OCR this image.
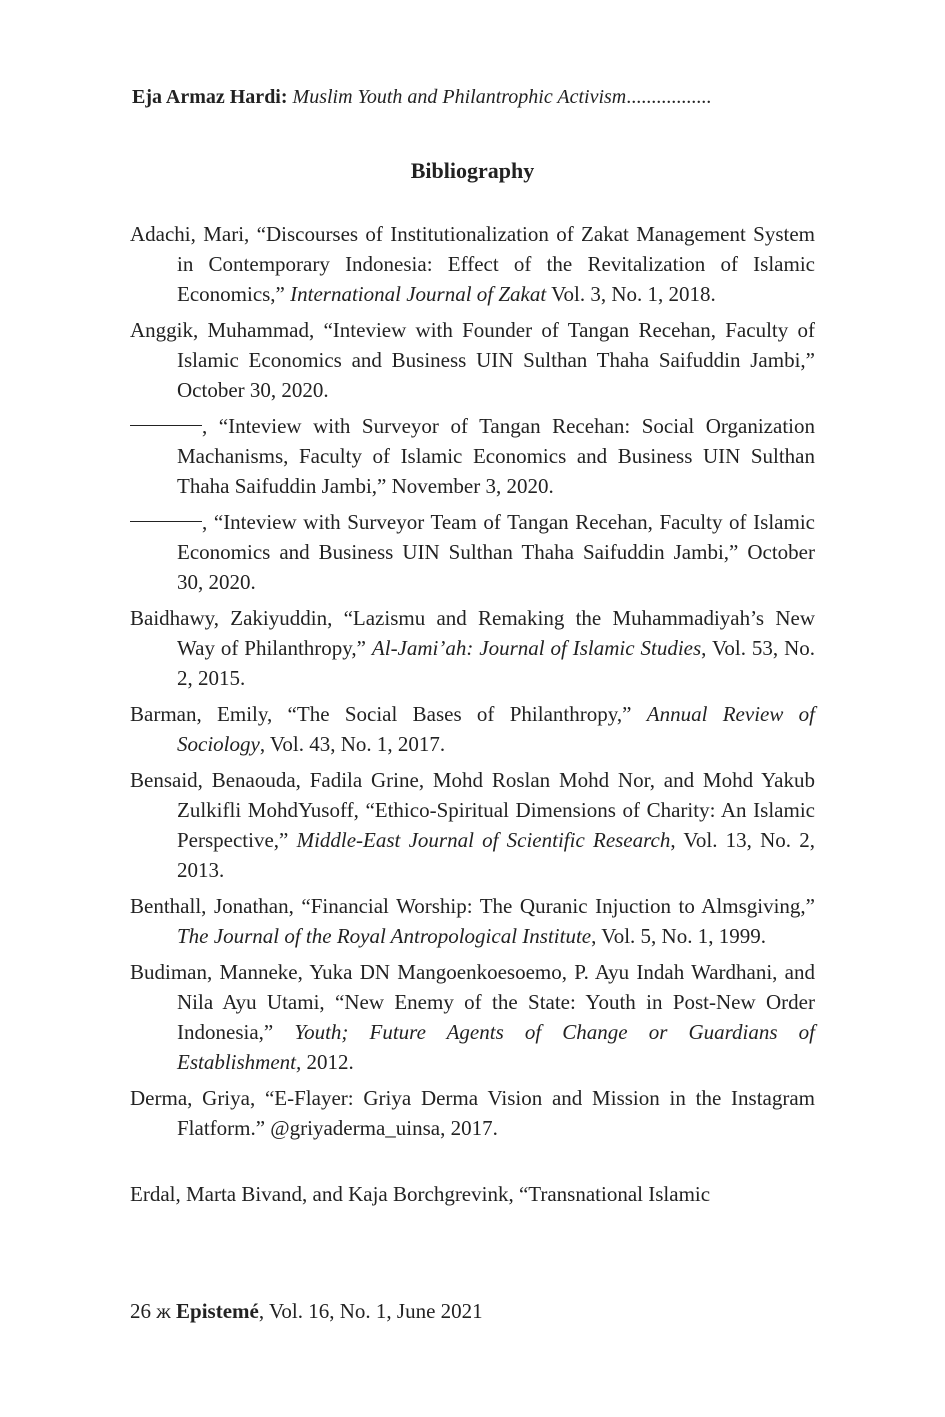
Eja Armaz Hardi: Muslim Youth and Philantrophic Activism.................
Bibliography

Adachi, Mari, “Discourses of Institutionalization of Zakat Management System in Contemporary Indonesia: Effect of the Revitalization of Islamic Economics,” International Journal of Zakat Vol. 3, No. 1, 2018.

Anggik, Muhammad, “Inteview with Founder of Tangan Recehan, Faculty of Islamic Economics and Business UIN Sulthan Thaha Saifuddin Jambi,” October 30, 2020.

, “Inteview with Surveyor of Tangan Recehan: Social Organization Machanisms, Faculty of Islamic Economics and Business UIN Sulthan Thaha Saifuddin Jambi,” November 3, 2020.

, “Inteview with Surveyor Team of Tangan Recehan, Faculty of Islamic Economics and Business UIN Sulthan Thaha Saifuddin Jambi,” October 30, 2020.

Baidhawy, Zakiyuddin, “Lazismu and Remaking the Muhammadiyah’s New Way of Philanthropy,” Al-Jami’ah: Journal of Islamic Studies, Vol. 53, No. 2, 2015.

Barman, Emily, “The Social Bases of Philanthropy,” Annual Review of Sociology, Vol. 43, No. 1, 2017.

Bensaid, Benaouda, Fadila Grine, Mohd Roslan Mohd Nor, and Mohd Yakub Zulkifli MohdYusoff, “Ethico-Spiritual Dimensions of Charity: An Islamic Perspective,” Middle-East Journal of Scientific Research, Vol. 13, No. 2, 2013.

Benthall, Jonathan, “Financial Worship: The Quranic Injuction to Almsgiving,” The Journal of the Royal Antropological Institute, Vol. 5, No. 1, 1999.

Budiman, Manneke, Yuka DN Mangoenkoesoemo, P. Ayu Indah Wardhani, and Nila Ayu Utami, “New Enemy of the State: Youth in Post-New Order Indonesia,” Youth; Future Agents of Change or Guardians of Establishment, 2012.

Derma, Griya, “E-Flayer: Griya Derma Vision and Mission in the Instagram Flatform.” @griyaderma_uinsa, 2017.

Erdal, Marta Bivand, and Kaja Borchgrevink, “Transnational Islamic

26 ж Epistemé, Vol. 16, No. 1, June 2021
